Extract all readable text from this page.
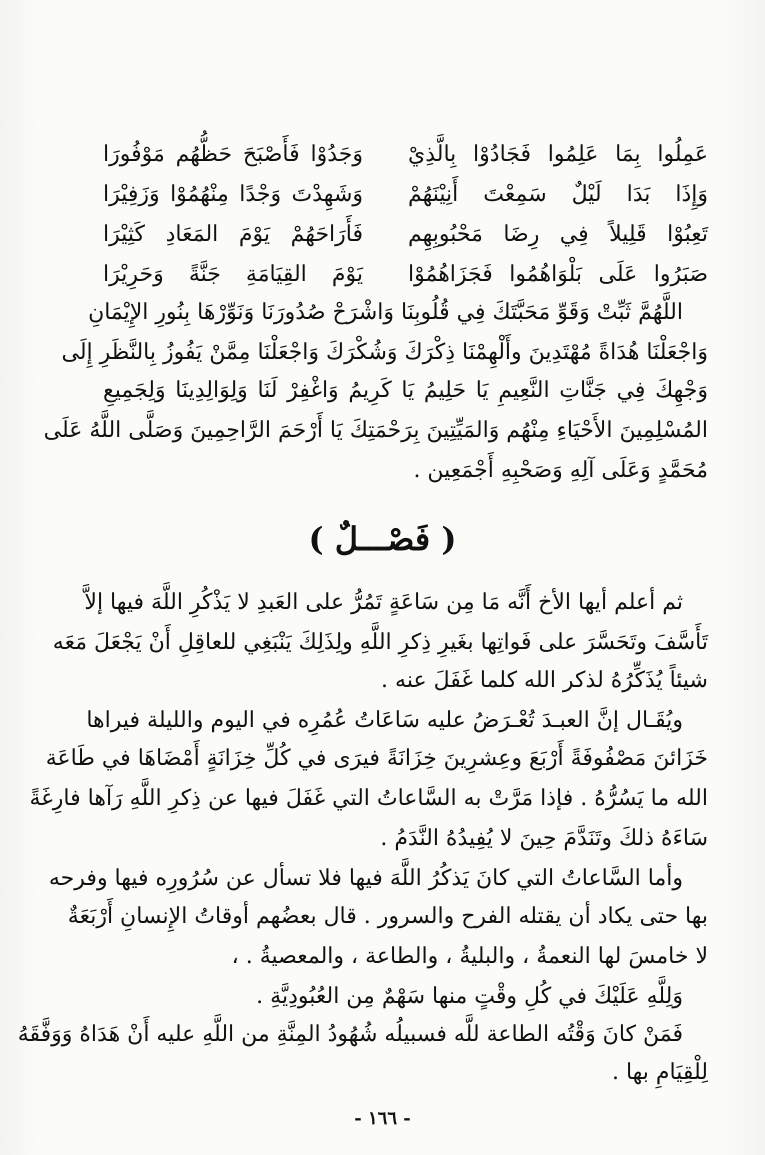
عَمِلُوا بِمَا عَلِمُوا فَجَادُوْا بِالَّذِيْ
وَجَدُوْا فَأَصْبَحَ حَظُّهُم مَوْفُورَا
وَإِذَا بَدَا لَيْلٌ سَمِعْتَ أَنِيْنَهُمْ
وَشَهِدْتَ وَجْدًا مِنْهُمُوْا وَزَفِيْرَا
تَعِبُوْا قَلِيلاً فِي رِضَا مَحْبُوبِهِم
فَأَرَاحَهُمْ يَوْمَ المَعَادِ كَثِيْرَا
صَبَرُوا عَلَى بَلْوَاهُمُوا فَجَزَاهُمُوْا
يَوْمَ القِيَامَةِ جَنَّةً وَحَرِيْرَا
اللَّهُمَّ ثَبِّتْ وَقَوِّ مَحَبَّتَكَ فِي قُلُوبِنَا وَاشْرَحْ صُدُورَنَا وَنَوِّرْهَا بِنُورِ الإِيْمَانِ
وَاجْعَلْنَا هُدَاةً مُهْتَدِينَ وأَلْهِمْنَا ذِكْرَكَ وَشُكْرَكَ وَاجْعَلْنَا مِمَّنْ يَفُوزُ بِالنَّظَرِ إِلَى
وَجْهِكَ فِي جَنَّاتِ النَّعِيمِ يَا حَلِيمُ يَا كَرِيمُ وَاغْفِرْ لَنَا وَلِوَالِدِينَا وَلِجَمِيعِ
المُسْلِمِينَ الأَحْيَاءِ مِنْهُم وَالمَيِّتِينَ بِرَحْمَتِكَ يَا أَرْحَمَ الرَّاحِمِينَ وَصَلَّى اللَّهُ عَلَى
مُحَمَّدٍ وَعَلَى آلِهِ وَصَحْبِهِ أَجْمَعِين .
( فَصْـــلٌ )
ثم أعلم أيها الأخ أَنَّه مَا مِن سَاعَةٍ تَمُرُّ على العَبدِ لا يَذْكُرِ اللَّهَ فيها إلاَّ
تَأَسَّفَ وتَحَسَّرَ على فَواتِها بغَيرِ ذِكرِ اللَّهِ ولِذَلِكَ يَنْبَغِي للعاقِلِ أَنْ يَجْعَلَ مَعَه
شيئاً يُذَكِّرُهُ لذكر الله كلما غَفَلَ عنه .
ويُقَـال إنَّ العبـدَ تُعْـرَضُ عليه سَاعَاتُ عُمُرِه في اليوم والليلة فيراها
خَزَائنَ مَصْفُوفَةً أَرْبَعَ وعِشرِينَ خِزَانَةً فيرَى في كُلِّ خِزَانَةٍ أَمْضَاهَا في طَاعَة
الله ما يَسُرُّهُ . فإذا مَرَّتْ به السَّاعاتُ التي غَفَلَ فيها عن ذِكرِ اللَّهِ رَآها فارِغَةً
سَاءَهُ ذلكَ وتَنَدَّمَ حِينَ لا يُفِيدُهُ النَّدَمُ .
وأما السَّاعاتُ التي كانَ يَذكُرُ اللَّهَ فيها فلا تسأل عن سُرُورِه فيها وفرحه
بها حتى يكاد أن يقتله الفرح والسرور . قال بعضُهم أوقاتُ الإِنسانِ أَرْبَعَةٌ
لا خامسَ لها النعمةُ ، والبليةُ ، والطاعة ، والمعصيةُ . ،
وَلِلَّهِ عَلَيْكَ في كُلِ وقْتٍ منها سَهْمٌ مِن العُبُودِيَّةِ .
فَمَنْ كانَ وَقْتُه الطاعة للَّه فسبيلُه شُهُودُ المِنَّةِ من اللَّهِ عليه أَنْ هَدَاهُ وَوَفَّقَهُ
لِلْقِيَامِ بها .
- ١٦٦ -
